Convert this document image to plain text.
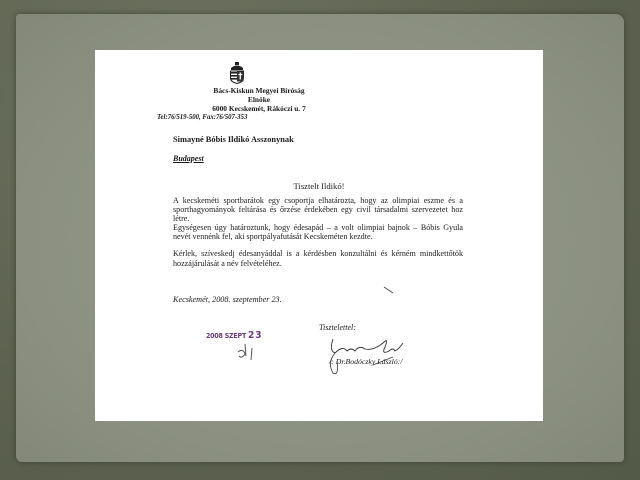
Bács-Kiskun Megyei Bíróság
Elnöke
6000 Kecskemét, Rákóczi u. 7
Tel:76/519-500, Fax:76/507-353
Simayné Bóbis Ildikó Asszonynak
Budapest
Tisztelt Ildikó!

A kecskeméti sportbarátok egy csoportja elhatározta, hogy az olimpiai eszme és a sporthagyományok feltárása és őrzése érdekében egy civil társadalmi szervezetet hoz létre.

Egységesen úgy határoztunk, hogy édesapád – a volt olimpiai bajnok – Bóbis Gyula nevét vennénk fel, aki sportpályafutását Kecskeméten kezdte.

Kérlek, szíveskedj édesanyáddal is a kérdésben konzultálni és kérném mindkettőtök hozzájárulását a név felvételéhez.

Kecskemét, 2008. szeptember 23.
2008 SZEPT 23
Tisztelettel:
/: Dr.Bodóczky László:/
